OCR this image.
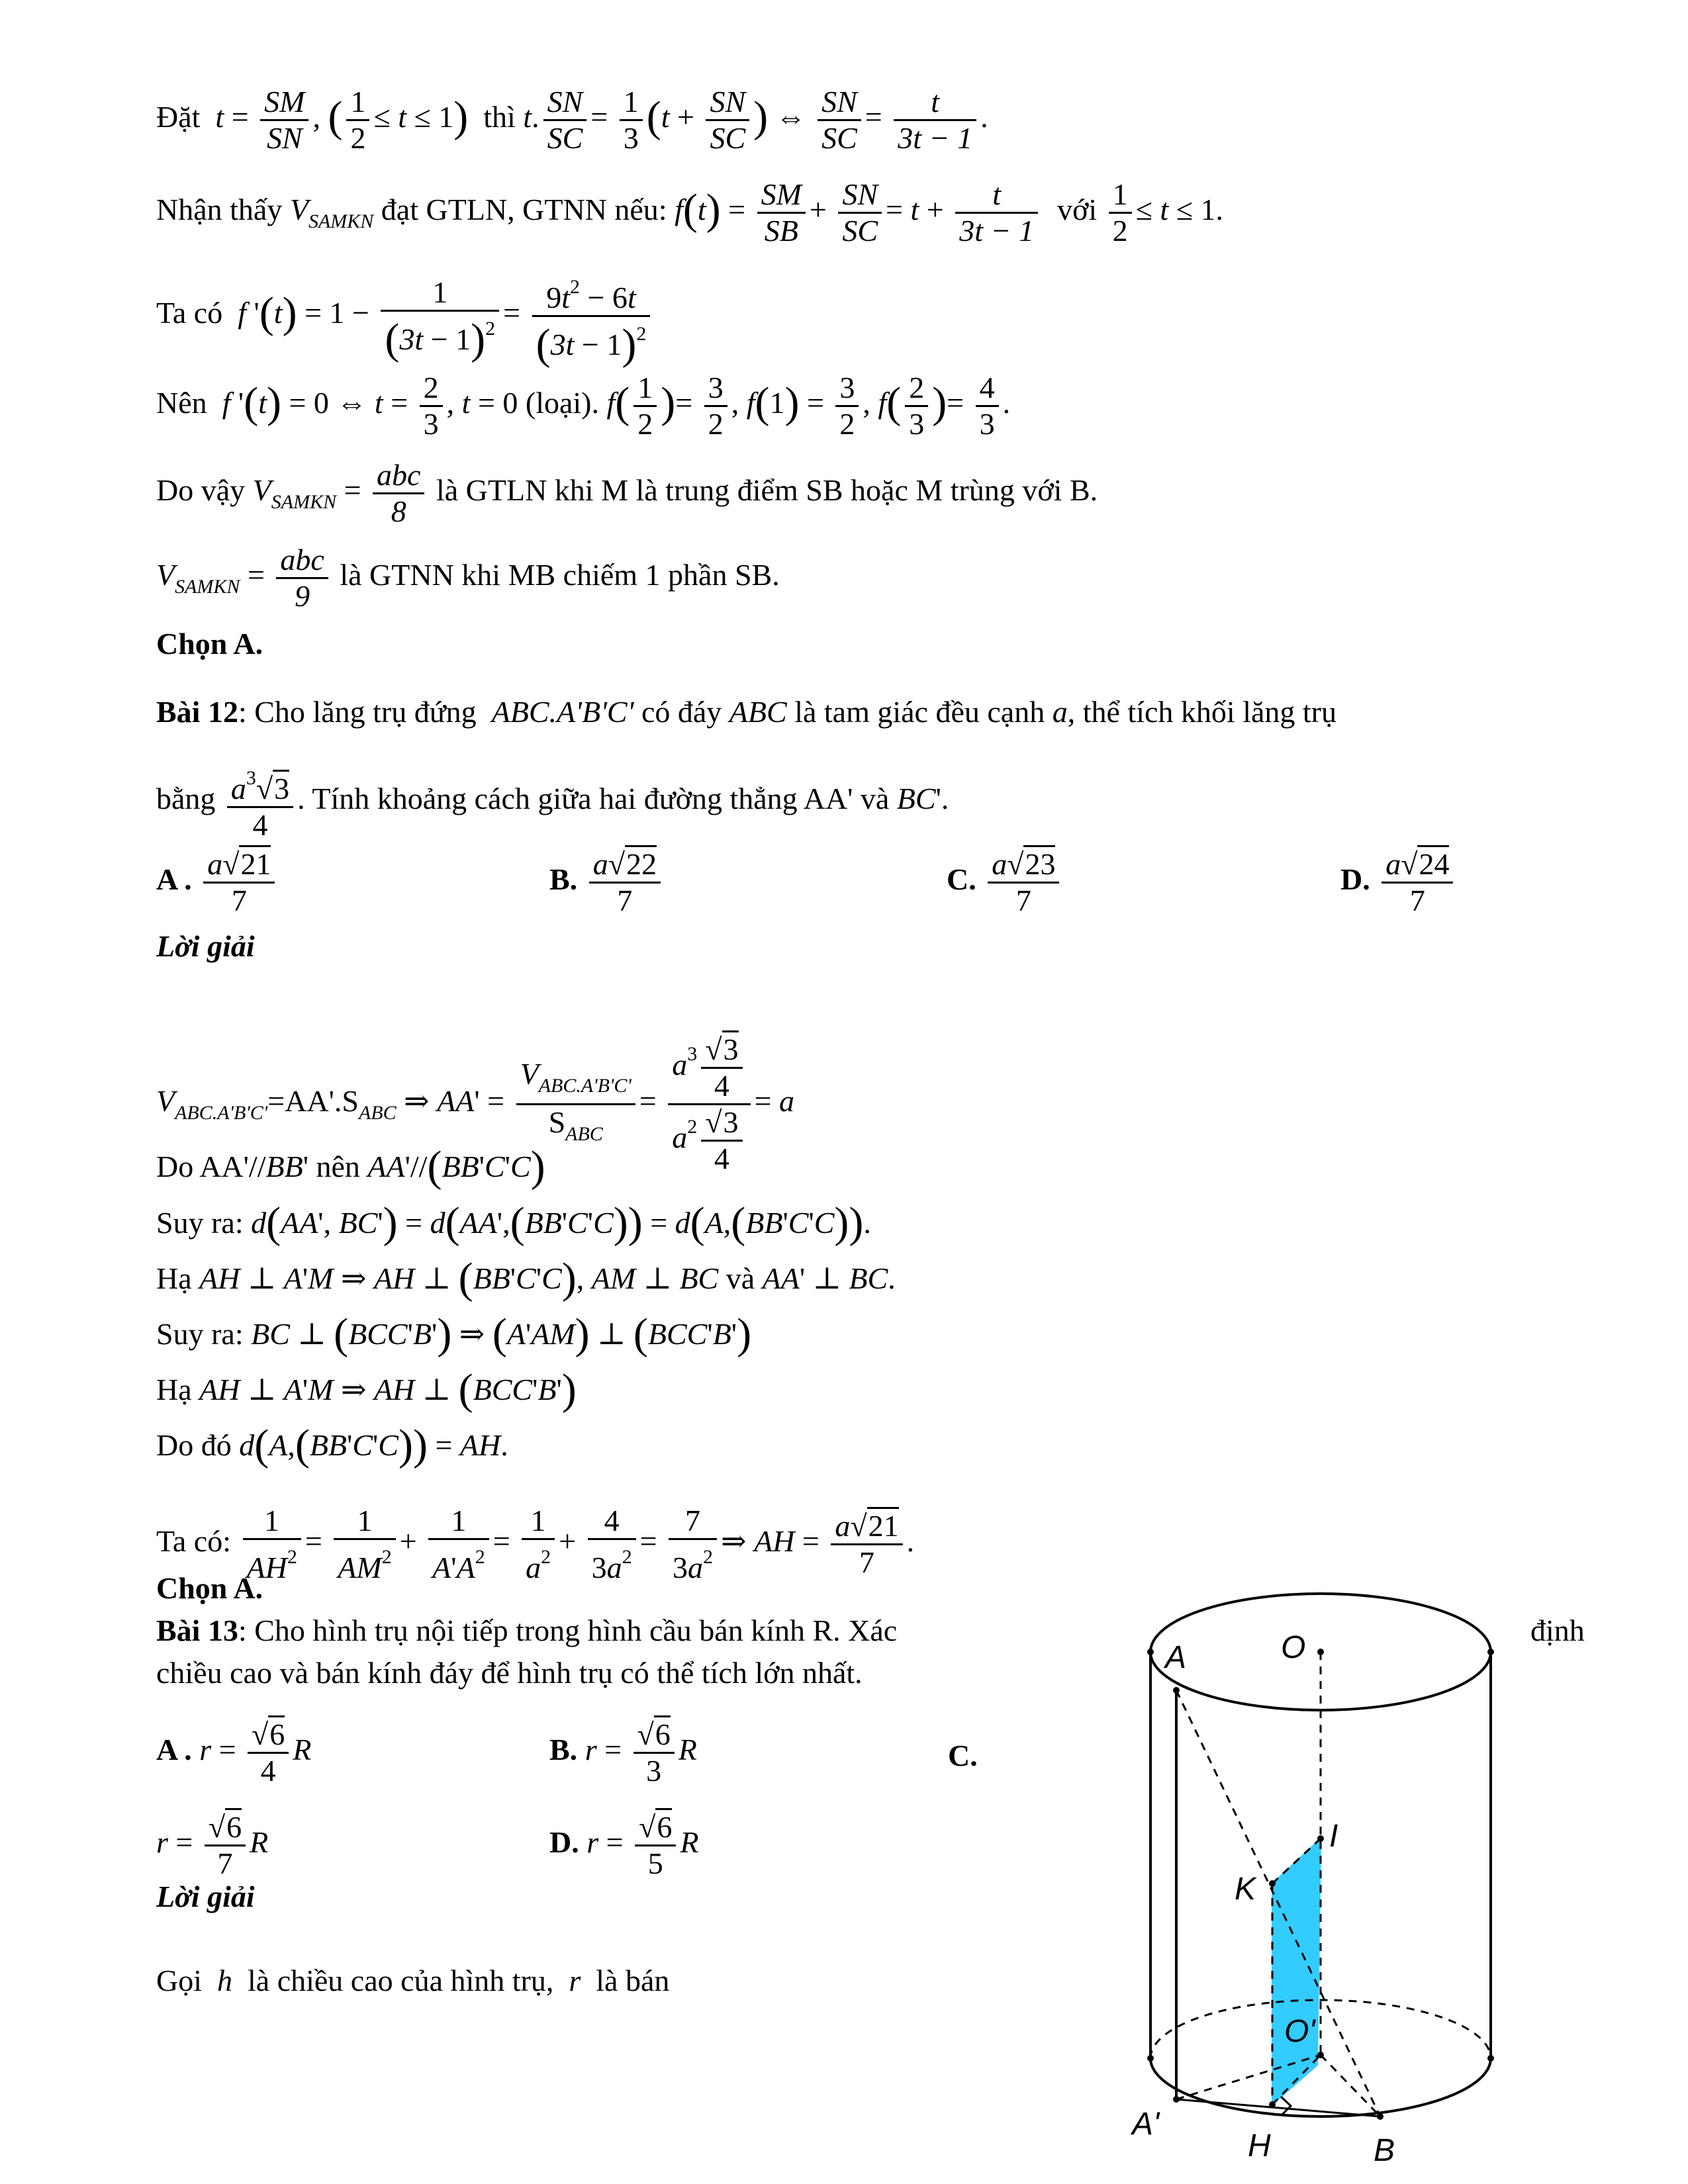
Đặt  $t = \frac{SM}{SN}$ , ( $\frac{1}{2} \le t \le 1$) thì t. $\frac{SN}{SC} = \frac{1}{3} (t + \frac{SN}{SC}$ ) ⇔ $\frac{SN}{SC} = \frac{t}{3t - 1}$ .
Nhận thấy $V_{SAMKN}$ đạt GTLN, GTNN nếu: $f(t) = \frac{SM}{SB} + \frac{SN}{SC} = t + \frac{t}{3t - 1}$ với $\frac{1}{2} \le t \le 1$.
Ta có  f '$(t) = 1 - \frac{1}{(3t - 1)^2} = \frac{9t^2 - 6t}{(3t - 1)^2}$
Nên  f '(t) = 0 ⇔ $t = \frac{2}{3}$ , t = 0 (loại). $f( \frac{1}{2}$ )= $\frac{3}{2}$ , $f(1) = \frac{3}{2}$ , $f( \frac{2}{3}$ )= $\frac{4}{3}$ .
Do vậy $V_{SAMKN} = \frac{\text{abc}}{8}$ là GTLN khi M là trung điểm SB hoặc M trùng với B.
$V_{SAMKN} = \frac{\text{abc}}{9}$ là GTNN khi MB chiếm 1 phần SB.
Chọn A.
Bài 12: Cho lăng trụ đứng  ABC.A'B'C' có đáy ABC là tam giác đều cạnh a, thể tích khối lăng trụ
bằng $\frac{a^3√3}{4}$ . Tính khoảng cách giữa hai đường thẳng AA' và BC'.
A . $\frac{a√21}{7}$	B. $\frac{a√22}{7}$	C. $\frac{a√23}{7}$	D. $\frac{a√24}{7}$
Lời giải
$V_{ABC.A'B'C'}=AA'.S_{ABC}$ ⇒ $AA' = \frac{V_{ABC.A'B'C'}}{S_{ABC}} = \frac{a^3 \frac{√3}{4}}{a^2 \frac{√3}{4}} = a$
Do AA'//BB' nên AA'//(BB'C'C)
Suy ra: d(AA', BC') = d(AA',(BB'C'C)) = d(A,(BB'C'C)).
Hạ AH ⊥ A'M ⇒ AH ⊥ (BB'C'C), AM ⊥ BC và AA' ⊥ BC.
Suy ra: BC ⊥ (BCC'B') ⇒ (A'AM) ⊥ (BCC'B')
Hạ AH ⊥ A'M ⇒ AH ⊥ (BCC'B')
Do đó d(A,(BB'C'C)) = AH.
Ta có: $\frac{1}{AH^2} = \frac{1}{AM^2} + \frac{1}{A'A^2} = \frac{1}{a^2} + \frac{4}{3a^2} = \frac{7}{3a^2}$ ⇒ AH = $\frac{a√21}{7}$ .
Chọn A.
Bài 13: Cho hình trụ nội tiếp trong hình cầu bán kính R. Xác	định
chiều cao và bán kính đáy để hình trụ có thể tích lớn nhất.
A . $r = \frac{√6}{4}$ R	B. $r = \frac{√6}{3}$ R	C.
$r = \frac{√6}{7}$ R	D. $r = \frac{√6}{5}$ R
Lời giải
Gọi  h  là chiều cao của hình trụ,  r  là bán
O
A
I
K
O'
A'
H	B
